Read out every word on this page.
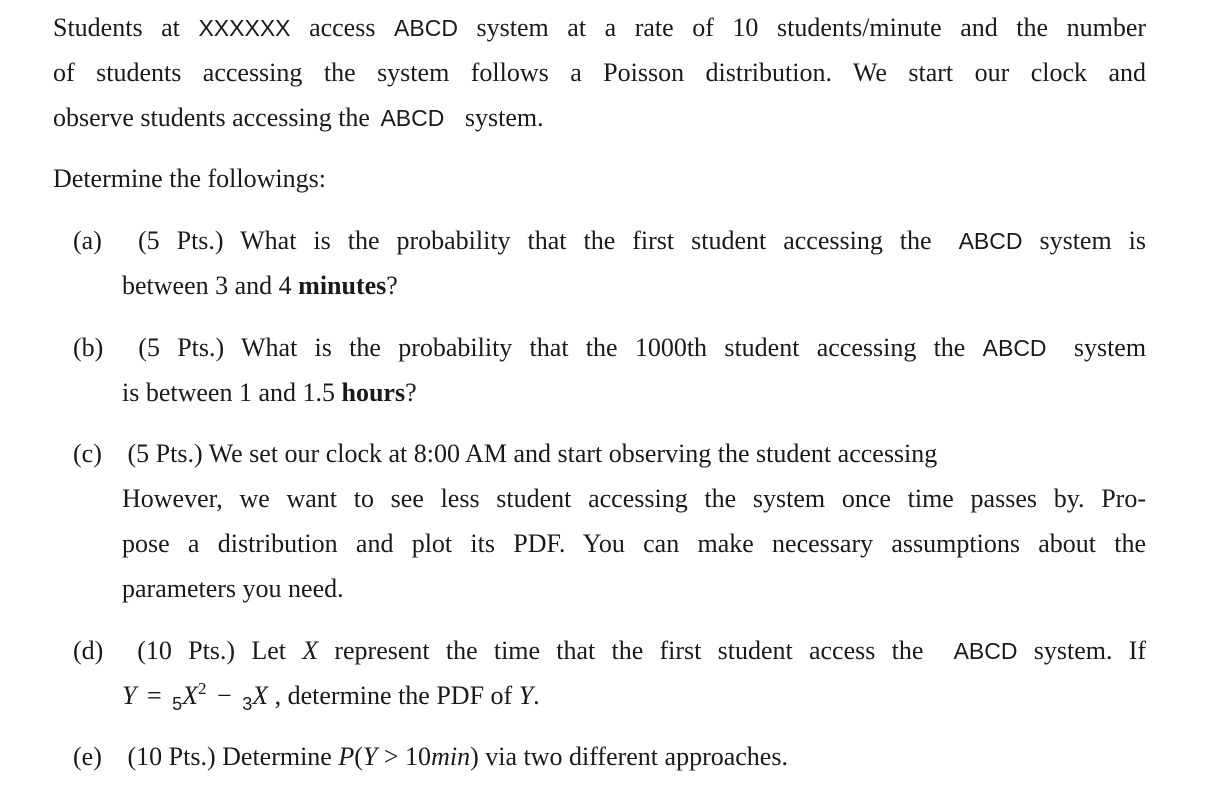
Students at XXXXXX access ABCD system at a rate of 10 students/minute and the number
of students accessing the system follows a Poisson distribution. We start our clock and
observe students accessing the ABCD system.
Determine the followings:
(a) (5 Pts.) What is the probability that the first student accessing the ABCD system is
between 3 and 4 minutes?
(b) (5 Pts.) What is the probability that the 1000th student accessing the ABCD system
is between 1 and 1.5 hours?
(c) (5 Pts.) We set our clock at 8:00 AM and start observing the student accessing
However, we want to see less student accessing the system once time passes by. Pro-
pose a distribution and plot its PDF. You can make necessary assumptions about the
parameters you need.
(d) (10 Pts.) Let X represent the time that the first student access the ABCD system. If
$Y = _5X^2 - _3X$ , determine the PDF of Y.
(e) (10 Pts.) Determine P(Y > 10min) via two different approaches.
